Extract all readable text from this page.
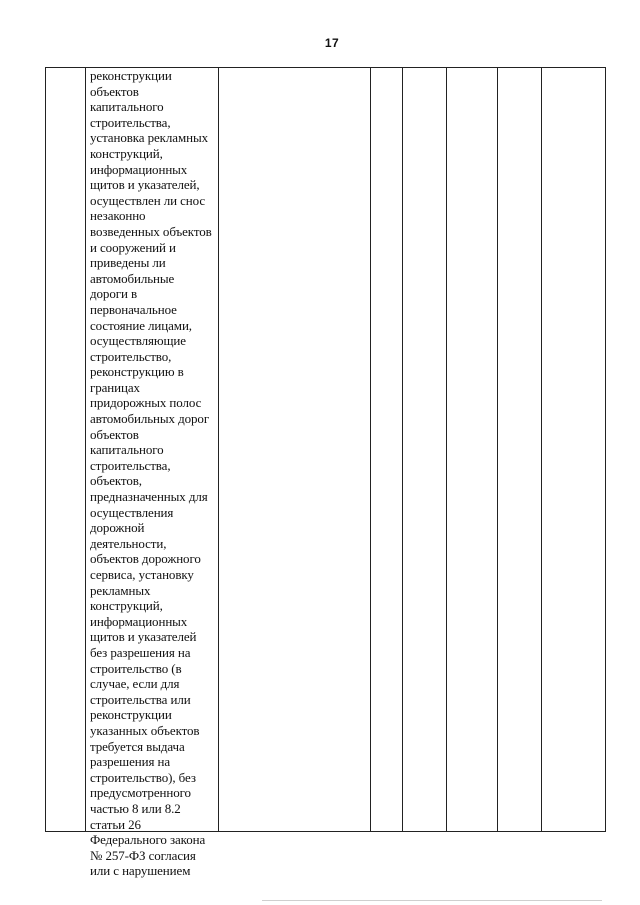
17
реконструкции
объектов
капитального
строительства,
установка рекламных
конструкций,
информационных
щитов и указателей,
осуществлен ли снос
незаконно
возведенных объектов
и сооружений и
приведены ли
автомобильные
дороги в
первоначальное
состояние лицами,
осуществляющие
строительство,
реконструкцию в
границах
придорожных полос
автомобильных дорог
объектов
капитального
строительства,
объектов,
предназначенных для
осуществления
дорожной
деятельности,
объектов дорожного
сервиса, установку
рекламных
конструкций,
информационных
щитов и указателей
без разрешения на
строительство (в
случае, если для
строительства или
реконструкции
указанных объектов
требуется выдача
разрешения на
строительство), без
предусмотренного
частью 8 или 8.2
статьи 26
Федерального закона
№ 257-ФЗ согласия
или с нарушением
